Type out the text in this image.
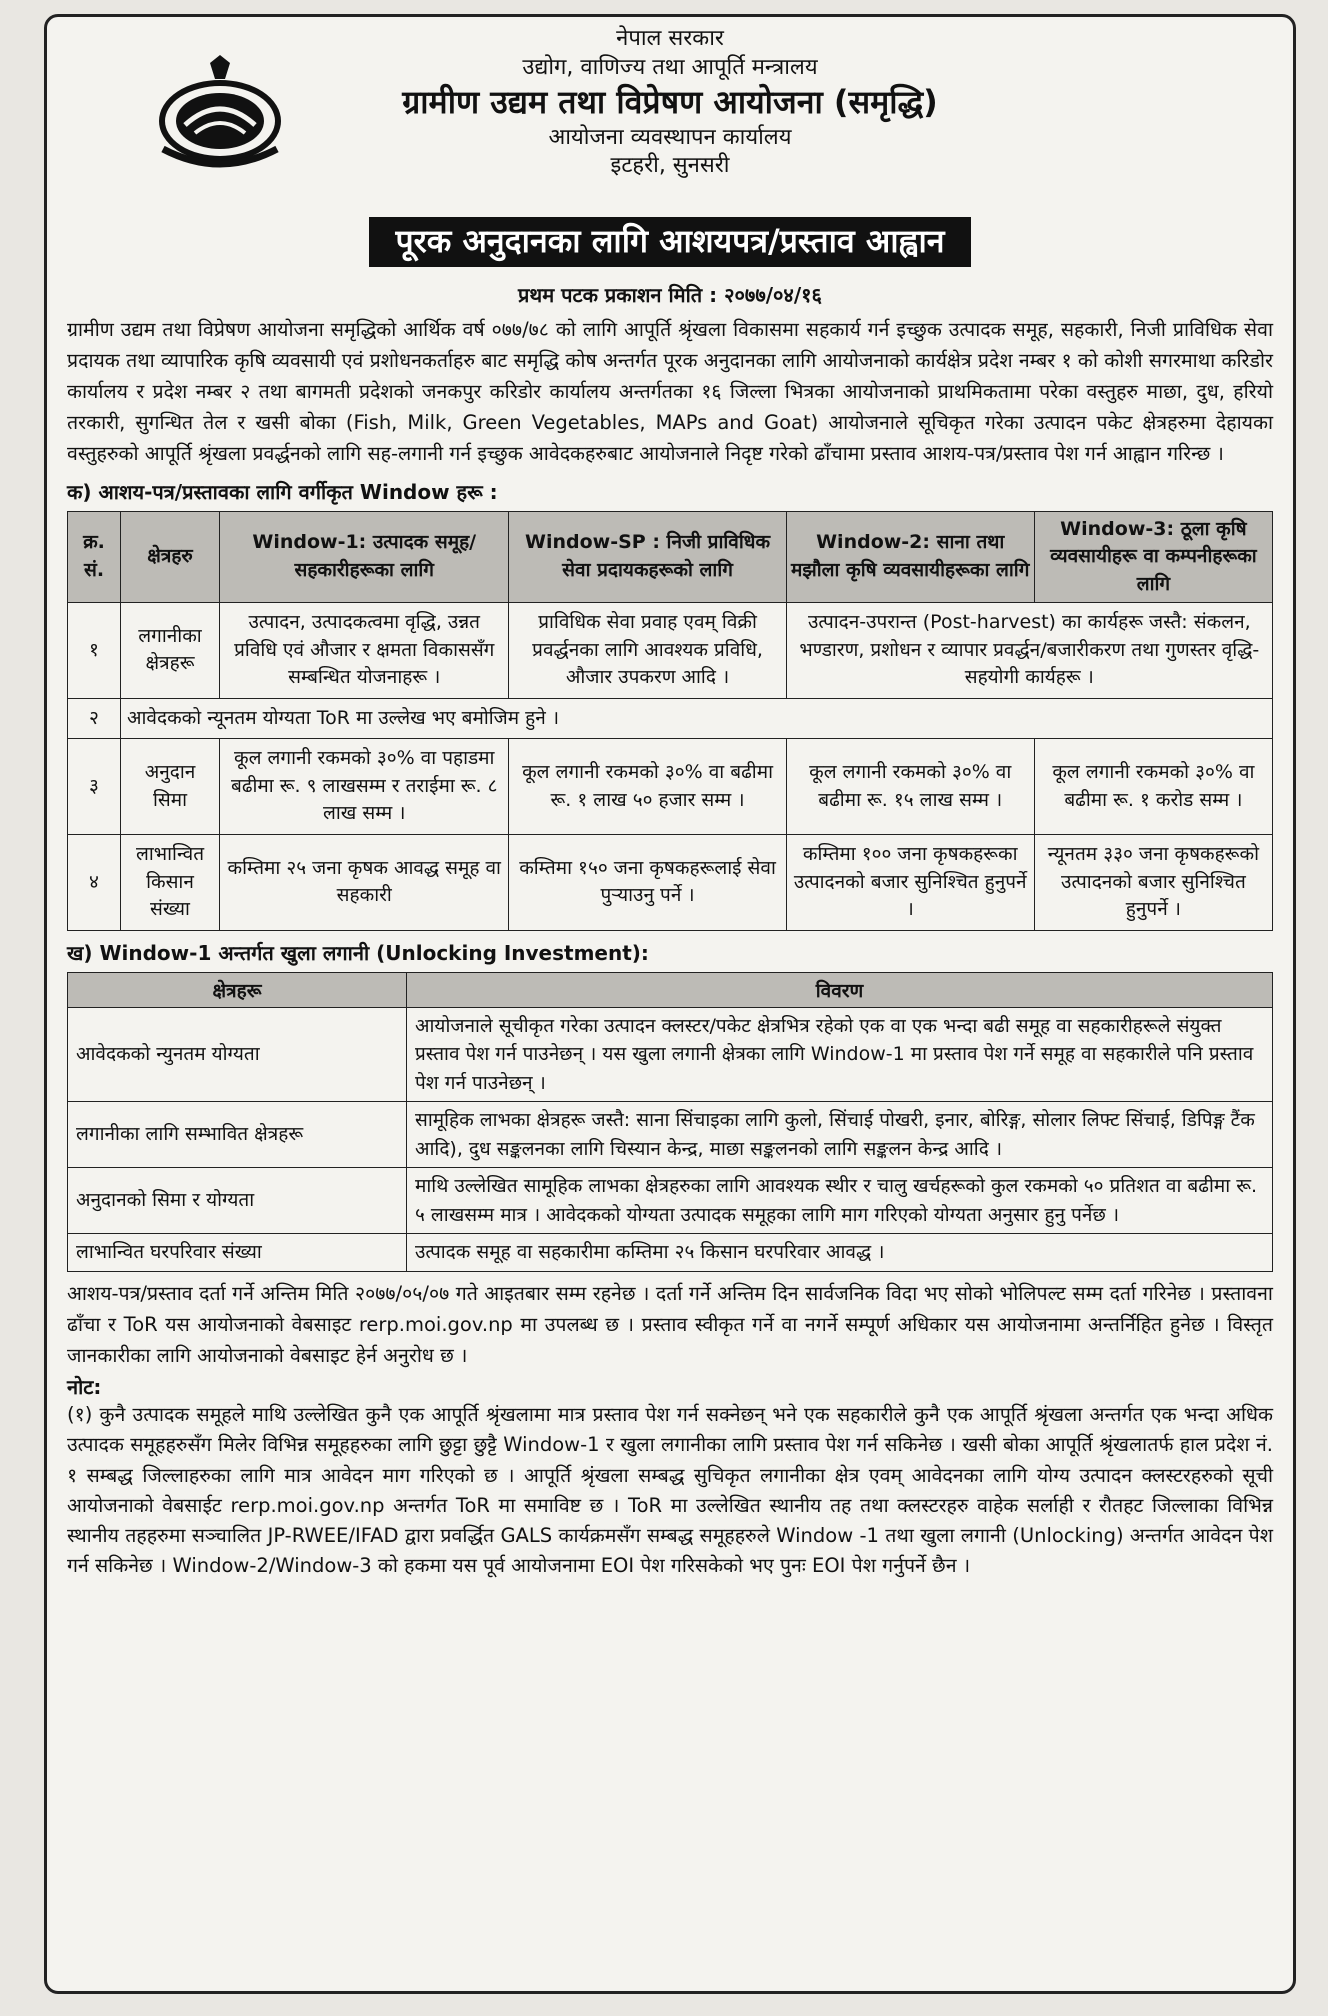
नेपाल सरकार
उद्योग, वाणिज्य तथा आपूर्ति मन्त्रालय
ग्रामीण उद्यम तथा विप्रेषण आयोजना (समृद्धि)
आयोजना व्यवस्थापन कार्यालय
इटहरी, सुनसरी
पूरक अनुदानका लागि आशयपत्र/प्रस्ताव आह्वान
प्रथम पटक प्रकाशन मिति : २०७७/०४/१६
ग्रामीण उद्यम तथा विप्रेषण आयोजना समृद्धिको आर्थिक वर्ष ०७७/७८ को लागि आपूर्ति श्रृंखला विकासमा सहकार्य गर्न इच्छुक उत्पादक समूह, सहकारी, निजी प्राविधिक सेवा प्रदायक तथा व्यापारिक कृषि व्यवसायी एवं प्रशोधनकर्ताहरु बाट समृद्धि कोष अन्तर्गत पूरक अनुदानका लागि आयोजनाको कार्यक्षेत्र प्रदेश नम्बर १ को कोशी सगरमाथा करिडोर कार्यालय र प्रदेश नम्बर २ तथा बागमती प्रदेशको जनकपुर करिडोर कार्यालय अन्तर्गतका १६ जिल्ला भित्रका आयोजनाको प्राथमिकतामा परेका वस्तुहरु माछा, दुध, हरियो तरकारी, सुगन्धित तेल र खसी बोका (Fish, Milk, Green Vegetables, MAPs and Goat) आयोजनाले सूचिकृत गरेका उत्पादन पकेट क्षेत्रहरुमा देहायका वस्तुहरुको आपूर्ति श्रृंखला प्रवर्द्धनको लागि सह-लगानी गर्न इच्छुक आवेदकहरुबाट आयोजनाले निदृष्ट गरेको ढाँचामा प्रस्ताव आशय-पत्र/प्रस्ताव पेश गर्न आह्वान गरिन्छ ।
क) आशय-पत्र/प्रस्तावका लागि वर्गीकृत Window हरू :
क्र. सं.	क्षेत्रहरु	Window-1: उत्पादक समूह/सहकारीहरूका लागि	Window-SP : निजी प्राविधिक सेवा प्रदायकहरूको लागि	Window-2: साना तथा मझौला कृषि व्यवसायीहरूका लागि	Window-3: ठूला कृषि व्यवसायीहरू वा कम्पनीहरूका लागि
१	लगानीका क्षेत्रहरू	उत्पादन, उत्पादकत्वमा वृद्धि, उन्नत प्रविधि एवं औजार र क्षमता विकाससँग सम्बन्धित योजनाहरू ।	प्राविधिक सेवा प्रवाह एवम् विक्री प्रवर्द्धनका लागि आवश्यक प्रविधि, औजार उपकरण आदि ।	उत्पादन-उपरान्त (Post-harvest) का कार्यहरू जस्तै: संकलन, भण्डारण, प्रशोधन र व्यापार प्रवर्द्धन/बजारीकरण तथा गुणस्तर वृद्धि-सहयोगी कार्यहरू ।	
२	आवेदकको न्यूनतम योग्यता ToR मा उल्लेख भए बमोजिम हुने ।				
३	अनुदान सिमा	कूल लगानी रकमको ३०% वा पहाडमा बढीमा रू. ९ लाखसम्म र तराईमा रू. ८ लाख सम्म ।	कूल लगानी रकमको ३०% वा बढीमा रू. १ लाख ५० हजार सम्म ।	कूल लगानी रकमको ३०% वा बढीमा रू. १५ लाख सम्म ।	कूल लगानी रकमको ३०% वा बढीमा रू. १ करोड सम्म ।
४	लाभान्वित किसान संख्या	कम्तिमा २५ जना कृषक आवद्ध समूह वा सहकारी	कम्तिमा १५० जना कृषकहरूलाई सेवा पुऱ्याउनु पर्ने ।	कम्तिमा १०० जना कृषकहरूका उत्पादनको बजार सुनिश्चित हुनुपर्ने ।	न्यूनतम ३३० जना कृषकहरूको उत्पादनको बजार सुनिश्चित हुनुपर्ने ।
ख) Window-1 अन्तर्गत खुला लगानी (Unlocking Investment):
क्षेत्रहरू	विवरण
आवेदकको न्युनतम योग्यता	आयोजनाले सूचीकृत गरेका उत्पादन क्लस्टर/पकेट क्षेत्रभित्र रहेको एक वा एक भन्दा बढी समूह वा सहकारीहरूले संयुक्त प्रस्ताव पेश गर्न पाउनेछन् । यस खुला लगानी क्षेत्रका लागि Window-1 मा प्रस्ताव पेश गर्ने समूह वा सहकारीले पनि प्रस्ताव पेश गर्न पाउनेछन् ।
लगानीका लागि सम्भावित क्षेत्रहरू	सामूहिक लाभका क्षेत्रहरू जस्तै: साना सिंचाइका लागि कुलो, सिंचाई पोखरी, इनार, बोरिङ्ग, सोलार लिफ्ट सिंचाई, डिपिङ्ग टैंक आदि), दुध सङ्कलनका लागि चिस्यान केन्द्र, माछा सङ्कलनको लागि सङ्कलन केन्द्र आदि ।
अनुदानको सिमा र योग्यता	माथि उल्लेखित सामूहिक लाभका क्षेत्रहरुका लागि आवश्यक स्थीर र चालु खर्चहरूको कुल रकमको ५० प्रतिशत वा बढीमा रू. ५ लाखसम्म मात्र । आवेदकको योग्यता उत्पादक समूहका लागि माग गरिएको योग्यता अनुसार हुनु पर्नेछ ।
लाभान्वित घरपरिवार संख्या	उत्पादक समूह वा सहकारीमा कम्तिमा २५ किसान घरपरिवार आवद्ध ।
आशय-पत्र/प्रस्ताव दर्ता गर्ने अन्तिम मिति २०७७/०५/०७ गते आइतबार सम्म रहनेछ । दर्ता गर्ने अन्तिम दिन सार्वजनिक विदा भए सोको भोलिपल्ट सम्म दर्ता गरिनेछ । प्रस्तावना ढाँचा र ToR यस आयोजनाको वेबसाइट rerp.moi.gov.np मा उपलब्ध छ । प्रस्ताव स्वीकृत गर्ने वा नगर्ने सम्पूर्ण अधिकार यस आयोजनामा अन्तर्निहित हुनेछ । विस्तृत जानकारीका लागि आयोजनाको वेबसाइट हेर्न अनुरोध छ ।
नोट:
(१) कुनै उत्पादक समूहले माथि उल्लेखित कुनै एक आपूर्ति श्रृंखलामा मात्र प्रस्ताव पेश गर्न सक्नेछन् भने एक सहकारीले कुनै एक आपूर्ति श्रृंखला अन्तर्गत एक भन्दा अधिक उत्पादक समूहहरुसँग मिलेर विभिन्न समूहहरुका लागि छुट्टा छुट्टै Window-1 र खुला लगानीका लागि प्रस्ताव पेश गर्न सकिनेछ । खसी बोका आपूर्ति श्रृंखलातर्फ हाल प्रदेश नं. १ सम्बद्ध जिल्लाहरुका लागि मात्र आवेदन माग गरिएको छ । आपूर्ति श्रृंखला सम्बद्ध सुचिकृत लगानीका क्षेत्र एवम् आवेदनका लागि योग्य उत्पादन क्लस्टरहरुको सूची आयोजनाको वेबसाईट rerp.moi.gov.np अन्तर्गत ToR मा समाविष्ट छ । ToR मा उल्लेखित स्थानीय तह तथा क्लस्टरहरु वाहेक सर्लाही र रौतहट जिल्लाका विभिन्न स्थानीय तहहरुमा सञ्चालित JP-RWEE/IFAD द्वारा प्रवर्द्धित GALS कार्यक्रमसँग सम्बद्ध समूहहरुले Window -1 तथा खुला लगानी (Unlocking) अन्तर्गत आवेदन पेश गर्न सकिनेछ । Window-2/Window-3 को हकमा यस पूर्व आयोजनामा EOI पेश गरिसकेको भए पुनः EOI पेश गर्नुपर्ने छैन ।
